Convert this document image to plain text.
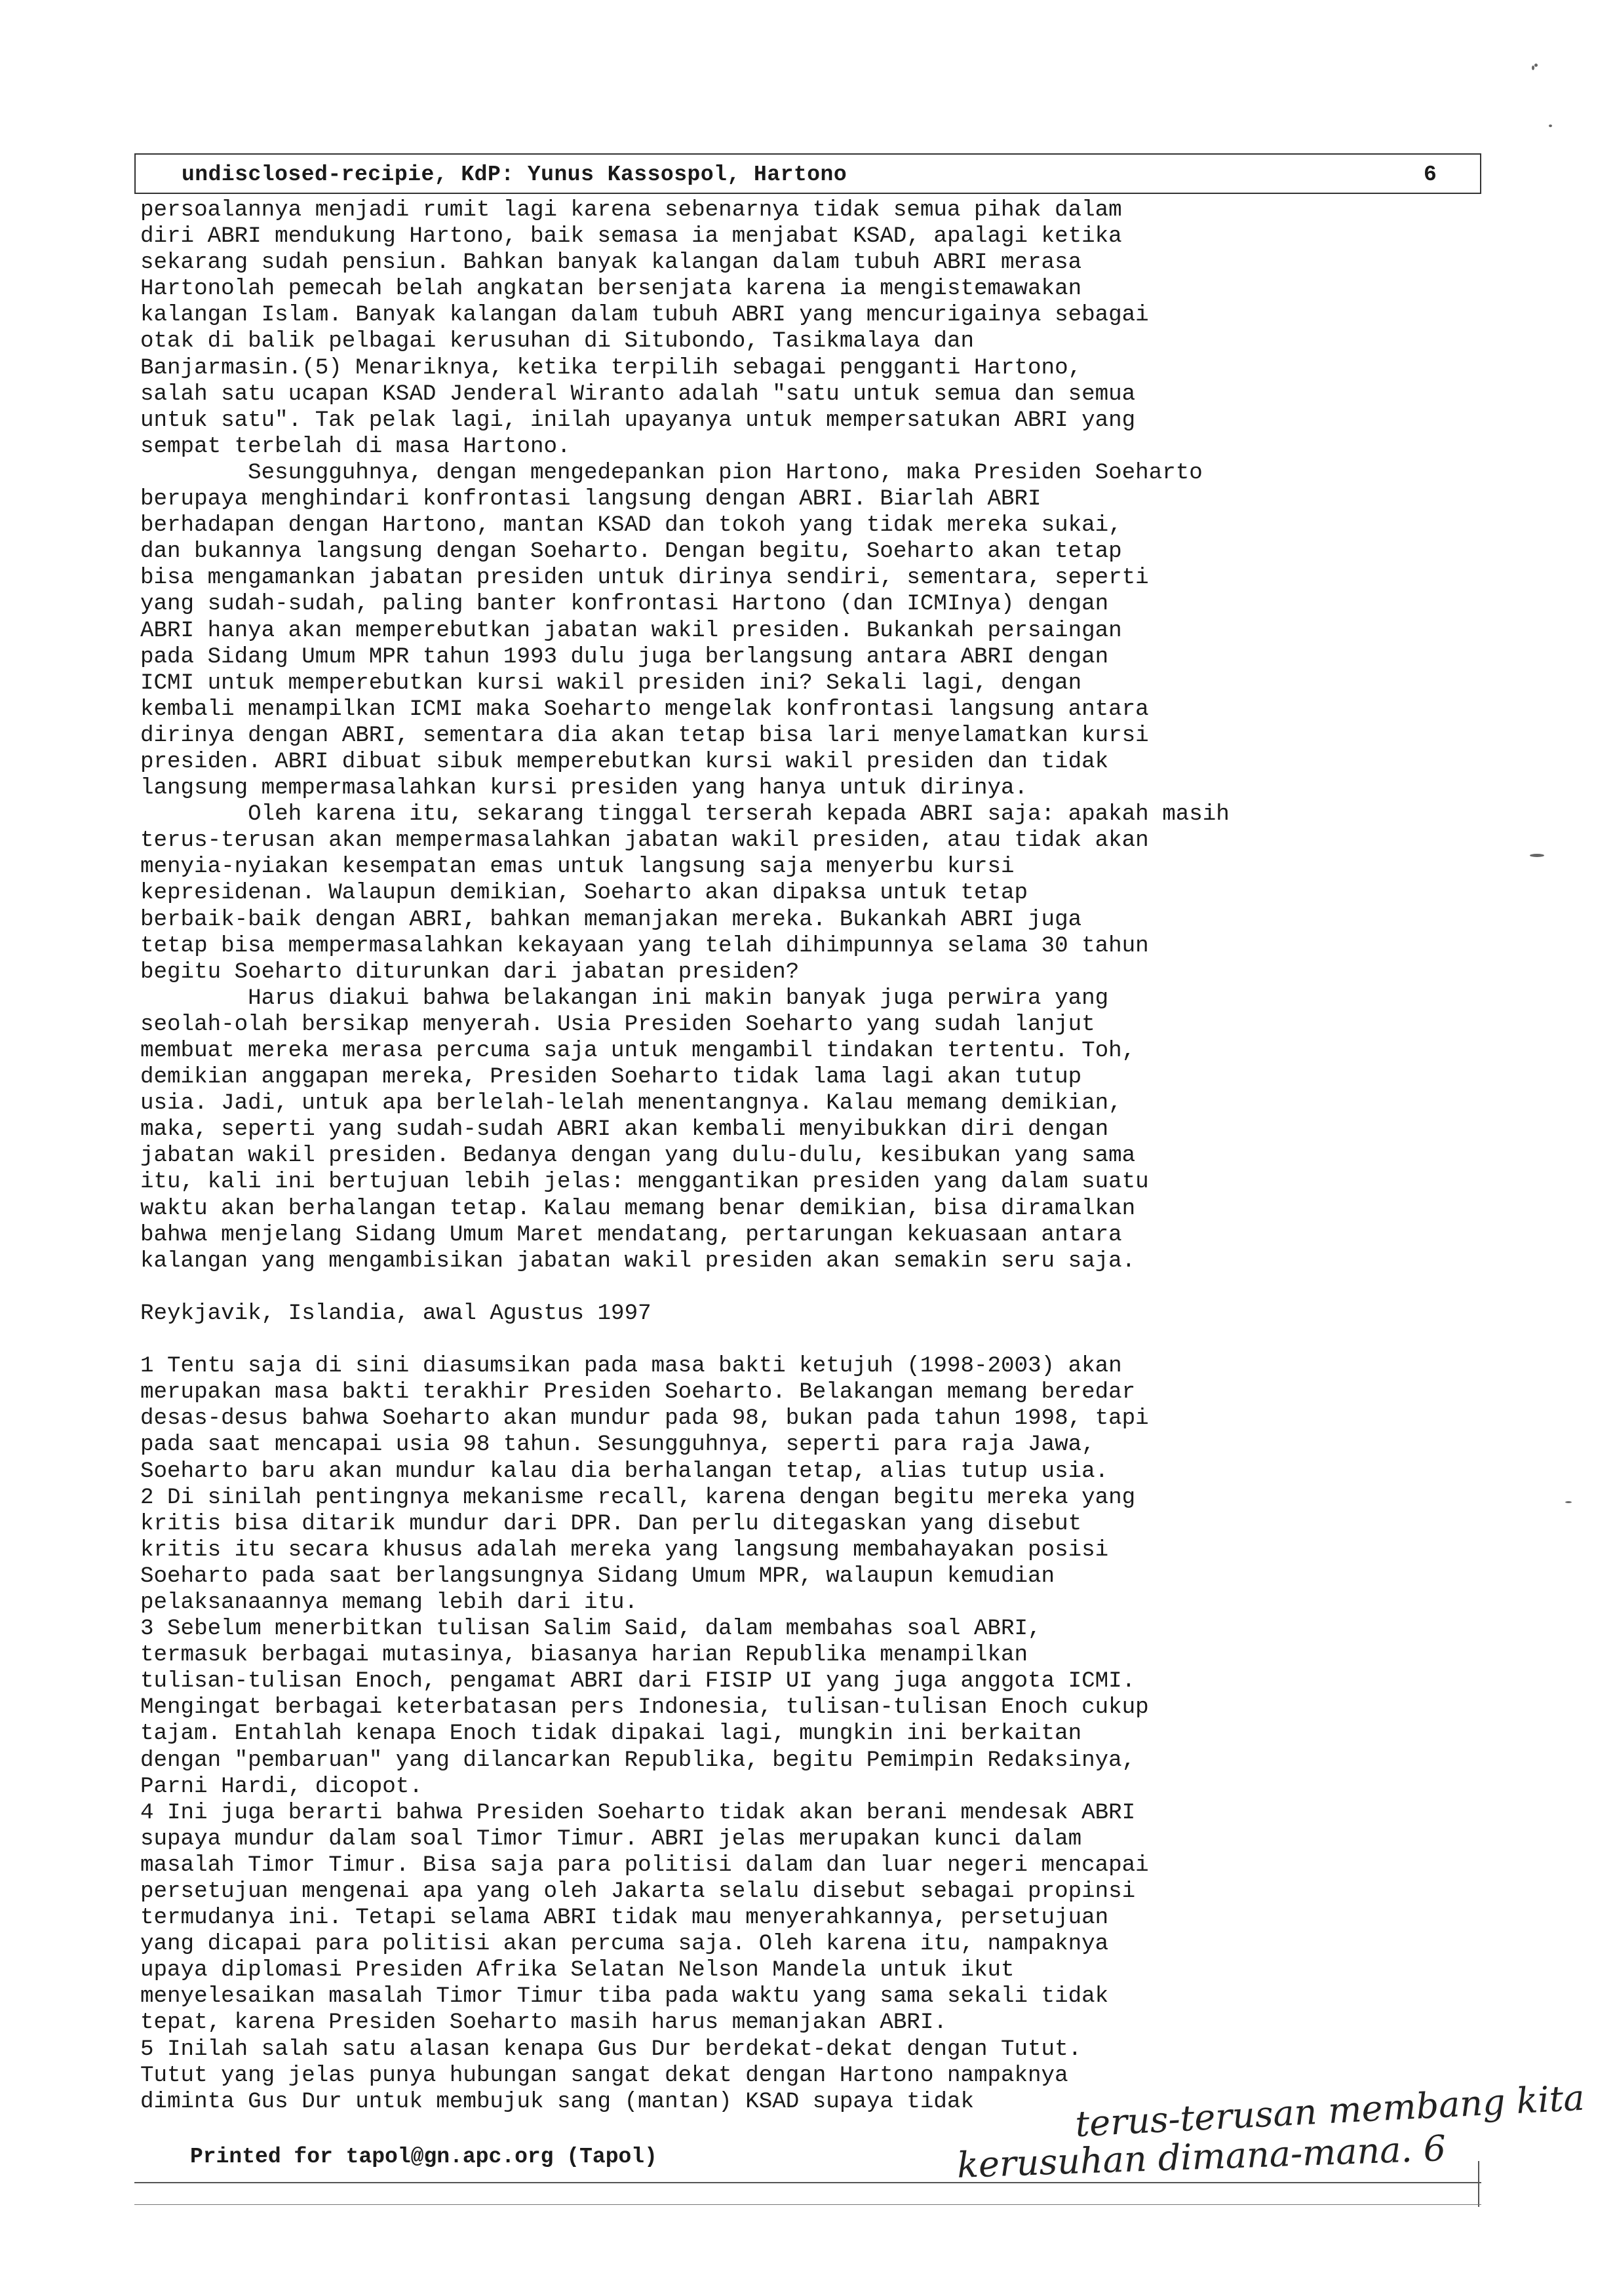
undisclosed-recipie, KdP: Yunus Kassospol, Hartono	6
persoalannya menjadi rumit lagi karena sebenarnya tidak semua pihak dalam
diri ABRI mendukung Hartono, baik semasa ia menjabat KSAD, apalagi ketika
sekarang sudah pensiun. Bahkan banyak kalangan dalam tubuh ABRI merasa
Hartonolah pemecah belah angkatan bersenjata karena ia mengistemawakan
kalangan Islam. Banyak kalangan dalam tubuh ABRI yang mencurigainya sebagai
otak di balik pelbagai kerusuhan di Situbondo, Tasikmalaya dan
Banjarmasin.(5) Menariknya, ketika terpilih sebagai pengganti Hartono,
salah satu ucapan KSAD Jenderal Wiranto adalah "satu untuk semua dan semua
untuk satu". Tak pelak lagi, inilah upayanya untuk mempersatukan ABRI yang
sempat terbelah di masa Hartono.
Sesungguhnya, dengan mengedepankan pion Hartono, maka Presiden Soeharto
berupaya menghindari konfrontasi langsung dengan ABRI. Biarlah ABRI
berhadapan dengan Hartono, mantan KSAD dan tokoh yang tidak mereka sukai,
dan bukannya langsung dengan Soeharto. Dengan begitu, Soeharto akan tetap
bisa mengamankan jabatan presiden untuk dirinya sendiri, sementara, seperti
yang sudah-sudah, paling banter konfrontasi Hartono (dan ICMInya) dengan
ABRI hanya akan memperebutkan jabatan wakil presiden. Bukankah persaingan
pada Sidang Umum MPR tahun 1993 dulu juga berlangsung antara ABRI dengan
ICMI untuk memperebutkan kursi wakil presiden ini? Sekali lagi, dengan
kembali menampilkan ICMI maka Soeharto mengelak konfrontasi langsung antara
dirinya dengan ABRI, sementara dia akan tetap bisa lari menyelamatkan kursi
presiden. ABRI dibuat sibuk memperebutkan kursi wakil presiden dan tidak
langsung mempermasalahkan kursi presiden yang hanya untuk dirinya.
Oleh karena itu, sekarang tinggal terserah kepada ABRI saja: apakah masih
terus-terusan akan mempermasalahkan jabatan wakil presiden, atau tidak akan
menyia-nyiakan kesempatan emas untuk langsung saja menyerbu kursi
kepresidenan. Walaupun demikian, Soeharto akan dipaksa untuk tetap
berbaik-baik dengan ABRI, bahkan memanjakan mereka. Bukankah ABRI juga
tetap bisa mempermasalahkan kekayaan yang telah dihimpunnya selama 30 tahun
begitu Soeharto diturunkan dari jabatan presiden?
Harus diakui bahwa belakangan ini makin banyak juga perwira yang
seolah-olah bersikap menyerah. Usia Presiden Soeharto yang sudah lanjut
membuat mereka merasa percuma saja untuk mengambil tindakan tertentu. Toh,
demikian anggapan mereka, Presiden Soeharto tidak lama lagi akan tutup
usia. Jadi, untuk apa berlelah-lelah menentangnya. Kalau memang demikian,
maka, seperti yang sudah-sudah ABRI akan kembali menyibukkan diri dengan
jabatan wakil presiden. Bedanya dengan yang dulu-dulu, kesibukan yang sama
itu, kali ini bertujuan lebih jelas: menggantikan presiden yang dalam suatu
waktu akan berhalangan tetap. Kalau memang benar demikian, bisa diramalkan
bahwa menjelang Sidang Umum Maret mendatang, pertarungan kekuasaan antara
kalangan yang mengambisikan jabatan wakil presiden akan semakin seru saja.

Reykjavik, Islandia, awal Agustus 1997

1 Tentu saja di sini diasumsikan pada masa bakti ketujuh (1998-2003) akan
merupakan masa bakti terakhir Presiden Soeharto. Belakangan memang beredar
desas-desus bahwa Soeharto akan mundur pada 98, bukan pada tahun 1998, tapi
pada saat mencapai usia 98 tahun. Sesungguhnya, seperti para raja Jawa,
Soeharto baru akan mundur kalau dia berhalangan tetap, alias tutup usia.
2 Di sinilah pentingnya mekanisme recall, karena dengan begitu mereka yang
kritis bisa ditarik mundur dari DPR. Dan perlu ditegaskan yang disebut
kritis itu secara khusus adalah mereka yang langsung membahayakan posisi
Soeharto pada saat berlangsungnya Sidang Umum MPR, walaupun kemudian
pelaksanaannya memang lebih dari itu.
3 Sebelum menerbitkan tulisan Salim Said, dalam membahas soal ABRI,
termasuk berbagai mutasinya, biasanya harian Republika menampilkan
tulisan-tulisan Enoch, pengamat ABRI dari FISIP UI yang juga anggota ICMI.
Mengingat berbagai keterbatasan pers Indonesia, tulisan-tulisan Enoch cukup
tajam. Entahlah kenapa Enoch tidak dipakai lagi, mungkin ini berkaitan
dengan "pembaruan" yang dilancarkan Republika, begitu Pemimpin Redaksinya,
Parni Hardi, dicopot.
4 Ini juga berarti bahwa Presiden Soeharto tidak akan berani mendesak ABRI
supaya mundur dalam soal Timor Timur. ABRI jelas merupakan kunci dalam
masalah Timor Timur. Bisa saja para politisi dalam dan luar negeri mencapai
persetujuan mengenai apa yang oleh Jakarta selalu disebut sebagai propinsi
termudanya ini. Tetapi selama ABRI tidak mau menyerahkannya, persetujuan
yang dicapai para politisi akan percuma saja. Oleh karena itu, nampaknya
upaya diplomasi Presiden Afrika Selatan Nelson Mandela untuk ikut
menyelesaikan masalah Timor Timur tiba pada waktu yang sama sekali tidak
tepat, karena Presiden Soeharto masih harus memanjakan ABRI.
5 Inilah salah satu alasan kenapa Gus Dur berdekat-dekat dengan Tutut.
Tutut yang jelas punya hubungan sangat dekat dengan Hartono nampaknya
diminta Gus Dur untuk membujuk sang (mantan) KSAD supaya tidak	terus-terusan membang kita
kerusuhan dimana-mana. 6
Printed for tapol@gn.apc.org (Tapol)
